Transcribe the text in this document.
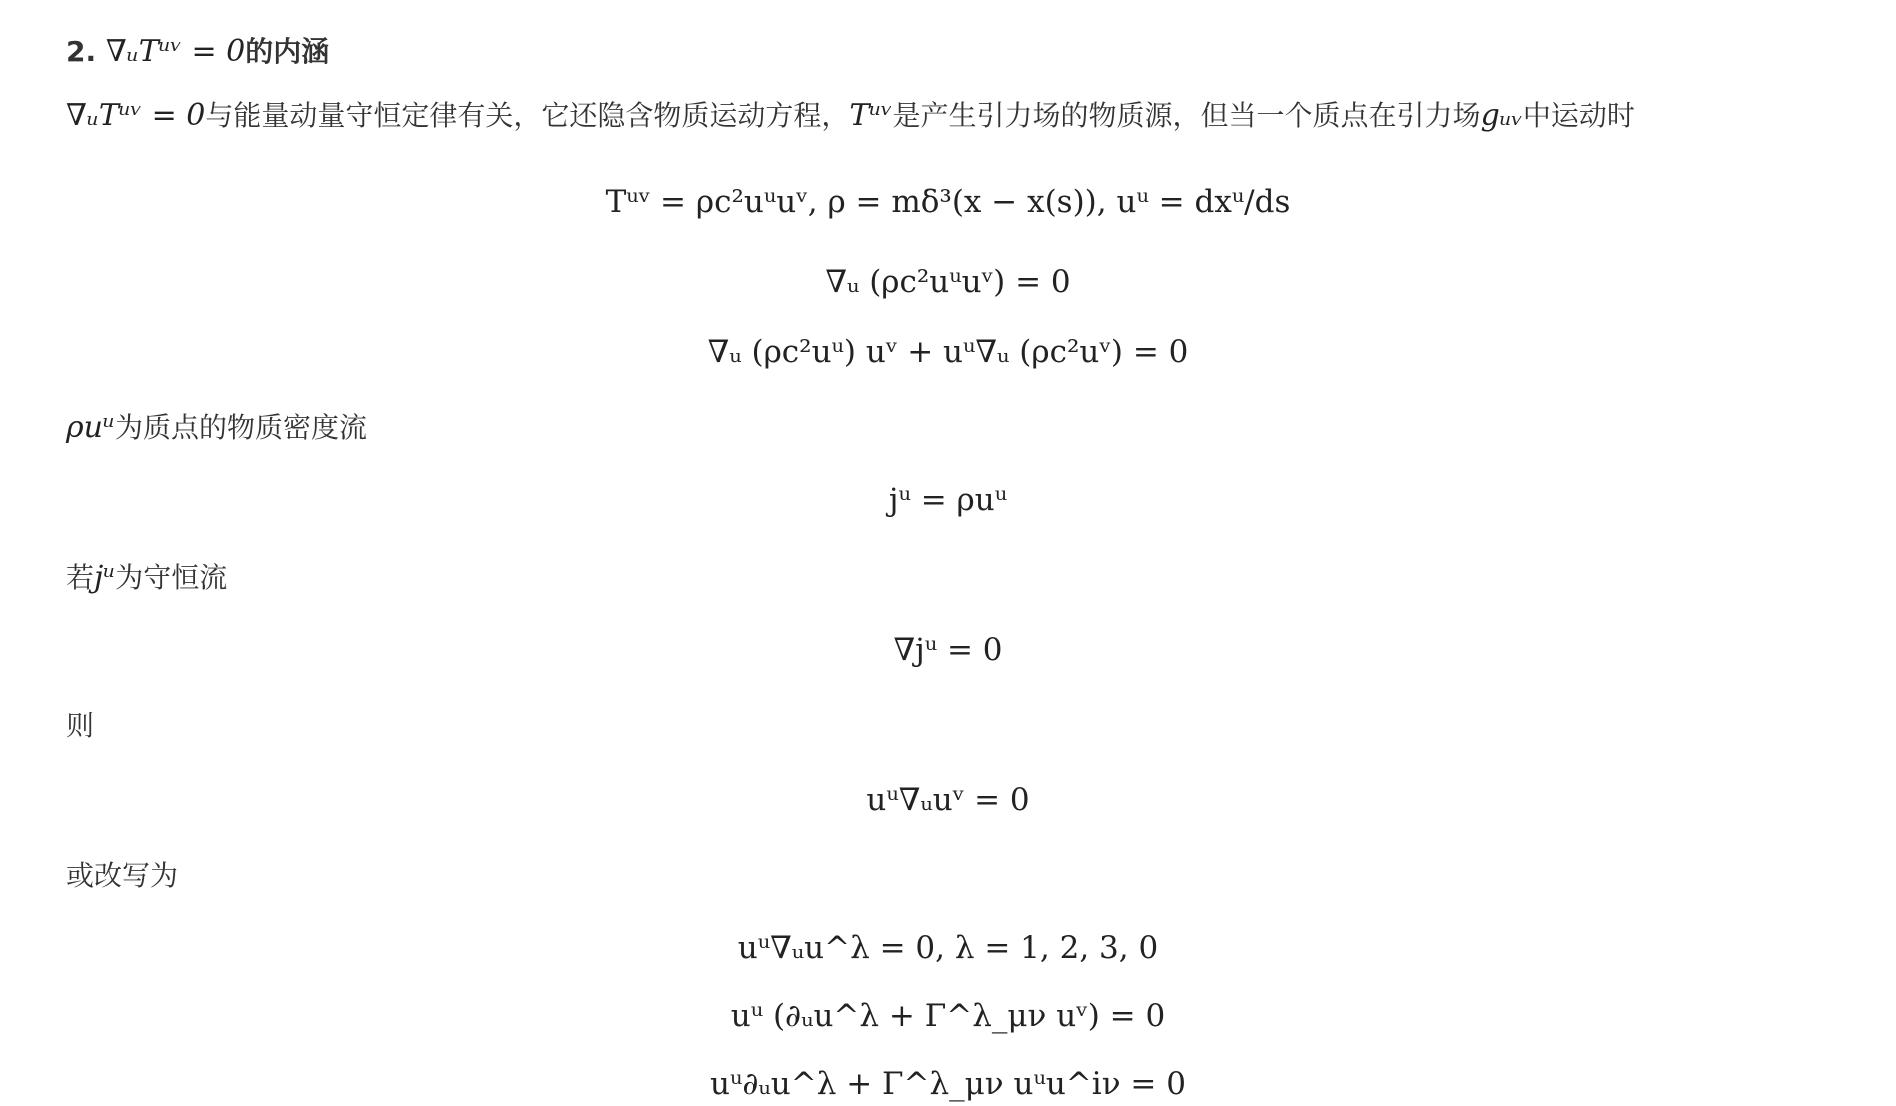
2. ∇ᵤTᵘᵛ = 0的内涵
∇ᵤTᵘᵛ = 0与能量动量守恒定律有关，它还隐含物质运动方程，Tᵘᵛ是产生引力场的物质源，但当一个质点在引力场gᵤᵥ中运动时
Tᵘᵛ = ρc²uᵘuᵛ, ρ = mδ³(x − x(s)), uᵘ = dxᵘ/ds
∇ᵤ (ρc²uᵘuᵛ) = 0
∇ᵤ (ρc²uᵘ) uᵛ + uᵘ∇ᵤ (ρc²uᵛ) = 0
ρuᵘ为质点的物质密度流
jᵘ = ρuᵘ
若jᵘ为守恒流
∇jᵘ = 0
则
uᵘ∇ᵤuᵛ = 0
或改写为
uᵘ∇ᵤu^λ = 0, λ = 1, 2, 3, 0
uᵘ (∂ᵤu^λ + Γ^λ_μν uᵛ) = 0
uᵘ∂ᵤu^λ + Γ^λ_μν uᵘu^iν = 0
